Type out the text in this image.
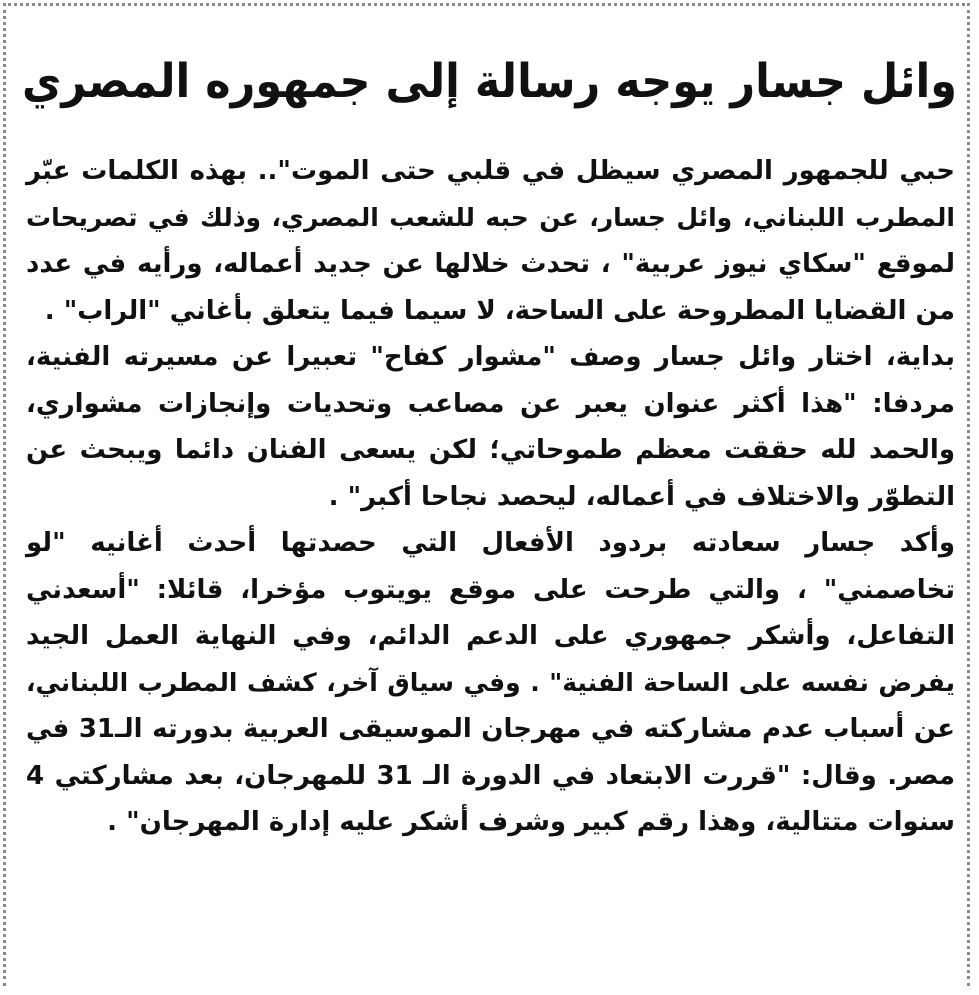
وائل جسار يوجه رسالة إلى جمهوره المصري
حبي للجمهور المصري سيظل في قلبي حتى الموت".. بهذه الكلمات عبّر
المطرب اللبناني، وائل جسار، عن حبه للشعب المصري، وذلك في تصريحات
لموقع "سكاي نيوز عربية" ، تحدث خلالها عن جديد أعماله، ورأيه في عدد
من القضايا المطروحة على الساحة، لا سيما فيما يتعلق بأغاني "الراب" .
بداية، اختار وائل جسار وصف "مشوار كفاح" تعبيرا عن مسيرته الفنية،
مردفا: "هذا أكثر عنوان يعبر عن مصاعب وتحديات وإنجازات مشواري،
والحمد لله حققت معظم طموحاتي؛ لكن يسعى الفنان دائما ويبحث عن
التطوّر والاختلاف في أعماله، ليحصد نجاحا أكبر" .
وأكد جسار سعادته بردود الأفعال التي حصدتها أحدث أغانيه "لو
تخاصمني" ، والتي طرحت على موقع يويتوب مؤخرا، قائلا: "أسعدني
التفاعل، وأشكر جمهوري على الدعم الدائم، وفي النهاية العمل الجيد
يفرض نفسه على الساحة الفنية" . وفي سياق آخر، كشف المطرب اللبناني،
عن أسباب عدم مشاركته في مهرجان الموسيقى العربية بدورته الـ31 في
مصر. وقال: "قررت الابتعاد في الدورة الـ 31 للمهرجان، بعد مشاركتي 4
سنوات متتالية، وهذا رقم كبير وشرف أشكر عليه إدارة المهرجان" .
